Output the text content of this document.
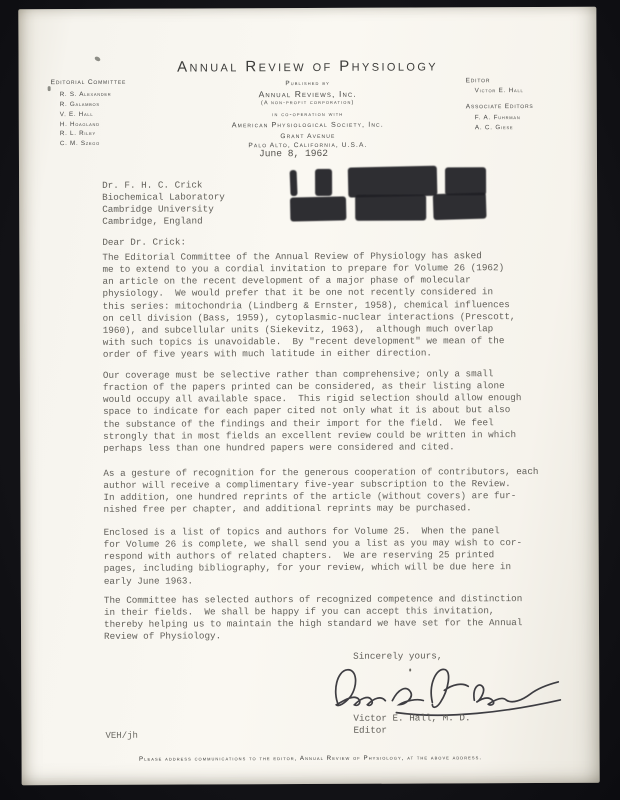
Annual Review of Physiology
Editorial Committee
R. S. Alexander
R. Galambos
V. E. Hall
H. Hoagland
R. L. Riley
C. M. Szego
Published by
Annual Reviews, Inc.
(A non-profit corporation)
in co-operation with
American Physiological Society, Inc.
Grant Avenue
Palo Alto, California, U.S.A.
Editor
Victor E. Hall
Associate Editors
F. A. Fuhrman
A. C. Giese
June 8, 1962
Dr. F. H. C. Crick
Biochemical Laboratory
Cambridge University
Cambridge, England
Dear Dr. Crick:
The Editorial Committee of the Annual Review of Physiology has asked
me to extend to you a cordial invitation to prepare for Volume 26 (1962)
an article on the recent development of a major phase of molecular
physiology.  We would prefer that it be one not recently considered in
this series: mitochondria (Lindberg & Ernster, 1958), chemical influences
on cell division (Bass, 1959), cytoplasmic-nuclear interactions (Prescott,
1960), and subcellular units (Siekevitz, 1963),  although much overlap
with such topics is unavoidable.  By "recent development" we mean of the
order of five years with much latitude in either direction.
Our coverage must be selective rather than comprehensive; only a small
fraction of the papers printed can be considered, as their listing alone
would occupy all available space.  This rigid selection should allow enough
space to indicate for each paper cited not only what it is about but also
the substance of the findings and their import for the field.  We feel
strongly that in most fields an excellent review could be written in which
perhaps less than one hundred papers were considered and cited.
As a gesture of recognition for the generous cooperation of contributors, each
author will receive a complimentary five-year subscription to the Review.
In addition, one hundred reprints of the article (without covers) are fur-
nished free per chapter, and additional reprints may be purchased.
Enclosed is a list of topics and authors for Volume 25.  When the panel
for Volume 26 is complete, we shall send you a list as you may wish to cor-
respond with authors of related chapters.  We are reserving 25 printed
pages, including bibliography, for your review, which will be due here in
early June 1963.
The Committee has selected authors of recognized competence and distinction
in their fields.  We shall be happy if you can accept this invitation,
thereby helping us to maintain the high standard we have set for the Annual
Review of Physiology.
Sincerely yours,
Victor E. Hall, M. D.
Editor
VEH/jh
Please address communications to the editor, Annual Review of Physiology, at the above address.
